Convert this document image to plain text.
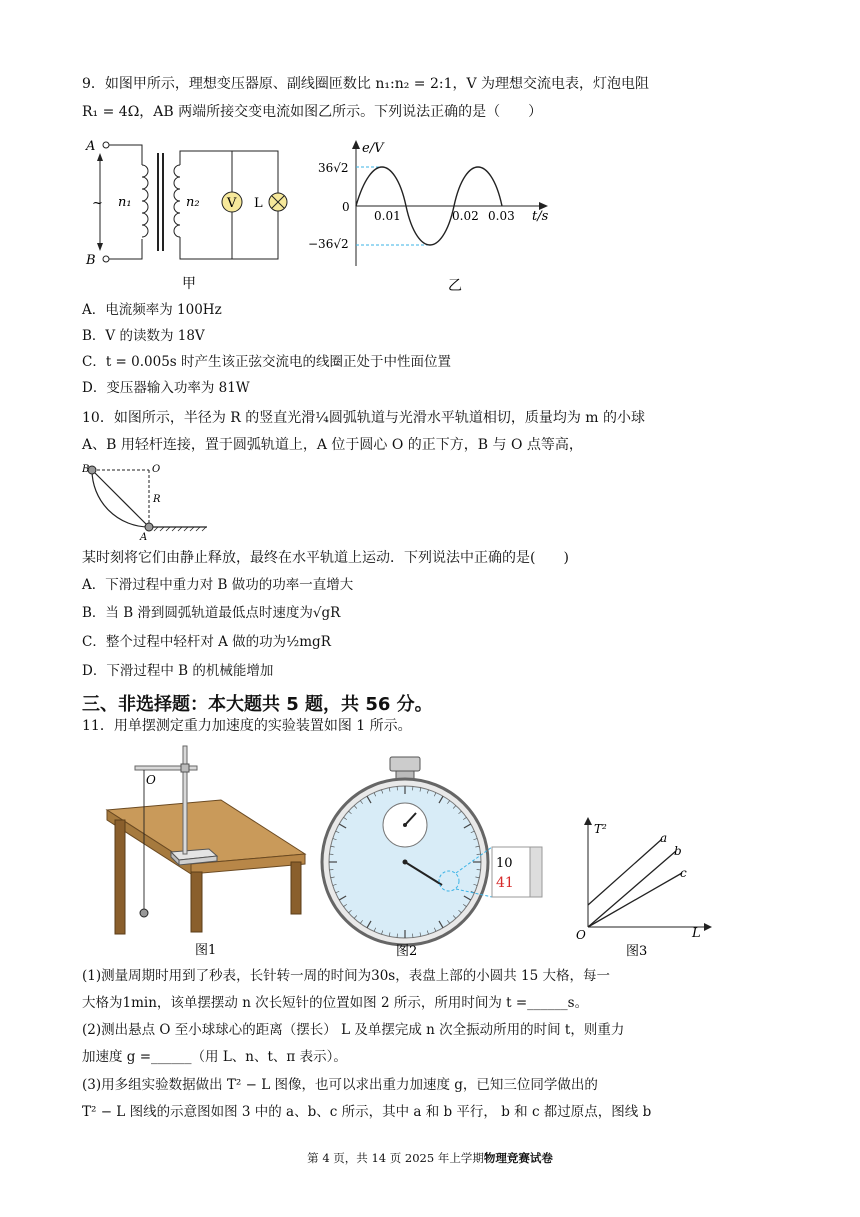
9．如图甲所示，理想变压器原、副线圈匝数比 n₁:n₂ = 2:1，V 为理想交流电表，灯泡电阻
R₁ = 4Ω，AB 两端所接交变电流如图乙所示。下列说法正确的是（　　）
A
B
~ n₁	n₂ V L
甲
e/V
36√2
−36√2
0
0.01	0.02 0.03 t/s
乙
A．电流频率为 100Hz
B．V 的读数为 18V
C．t = 0.005s 时产生该正弦交流电的线圈正处于中性面位置
D．变压器输入功率为 81W
10．如图所示，半径为 R 的竖直光滑¼圆弧轨道与光滑水平轨道相切，质量均为 m 的小球
A、B 用轻杆连接，置于圆弧轨道上，A 位于圆心 O 的正下方，B 与 O 点等高，
B	O
R
A
某时刻将它们由静止释放，最终在水平轨道上运动．下列说法中正确的是(　　)
A．下滑过程中重力对 B 做功的功率一直增大
B．当 B 滑到圆弧轨道最低点时速度为√gR
C．整个过程中轻杆对 A 做的功为½mgR
D．下滑过程中 B 的机械能增加
三、非选择题：本大题共 5 题，共 56 分。
11．用单摆测定重力加速度的实验装置如图 1 所示。
O
图1
10
41
图2
T²
L
O
a
b
c
图3
(1)测量周期时用到了秒表，长针转一周的时间为30s，表盘上部的小圆共 15 大格，每一
大格为1min，该单摆摆动 n 次长短针的位置如图 2 所示，所用时间为 t =______s。
(2)测出悬点 O 至小球球心的距离（摆长） L 及单摆完成 n 次全振动所用的时间 t，则重力
加速度 g =______（用 L、n、t、π 表示）。
(3)用多组实验数据做出 T² − L 图像，也可以求出重力加速度 g，已知三位同学做出的
T² − L 图线的示意图如图 3 中的 a、b、c 所示，其中 a 和 b 平行， b 和 c 都过原点，图线 b
第 4 页，共 14 页 2025 年上学期物理竞赛试卷
